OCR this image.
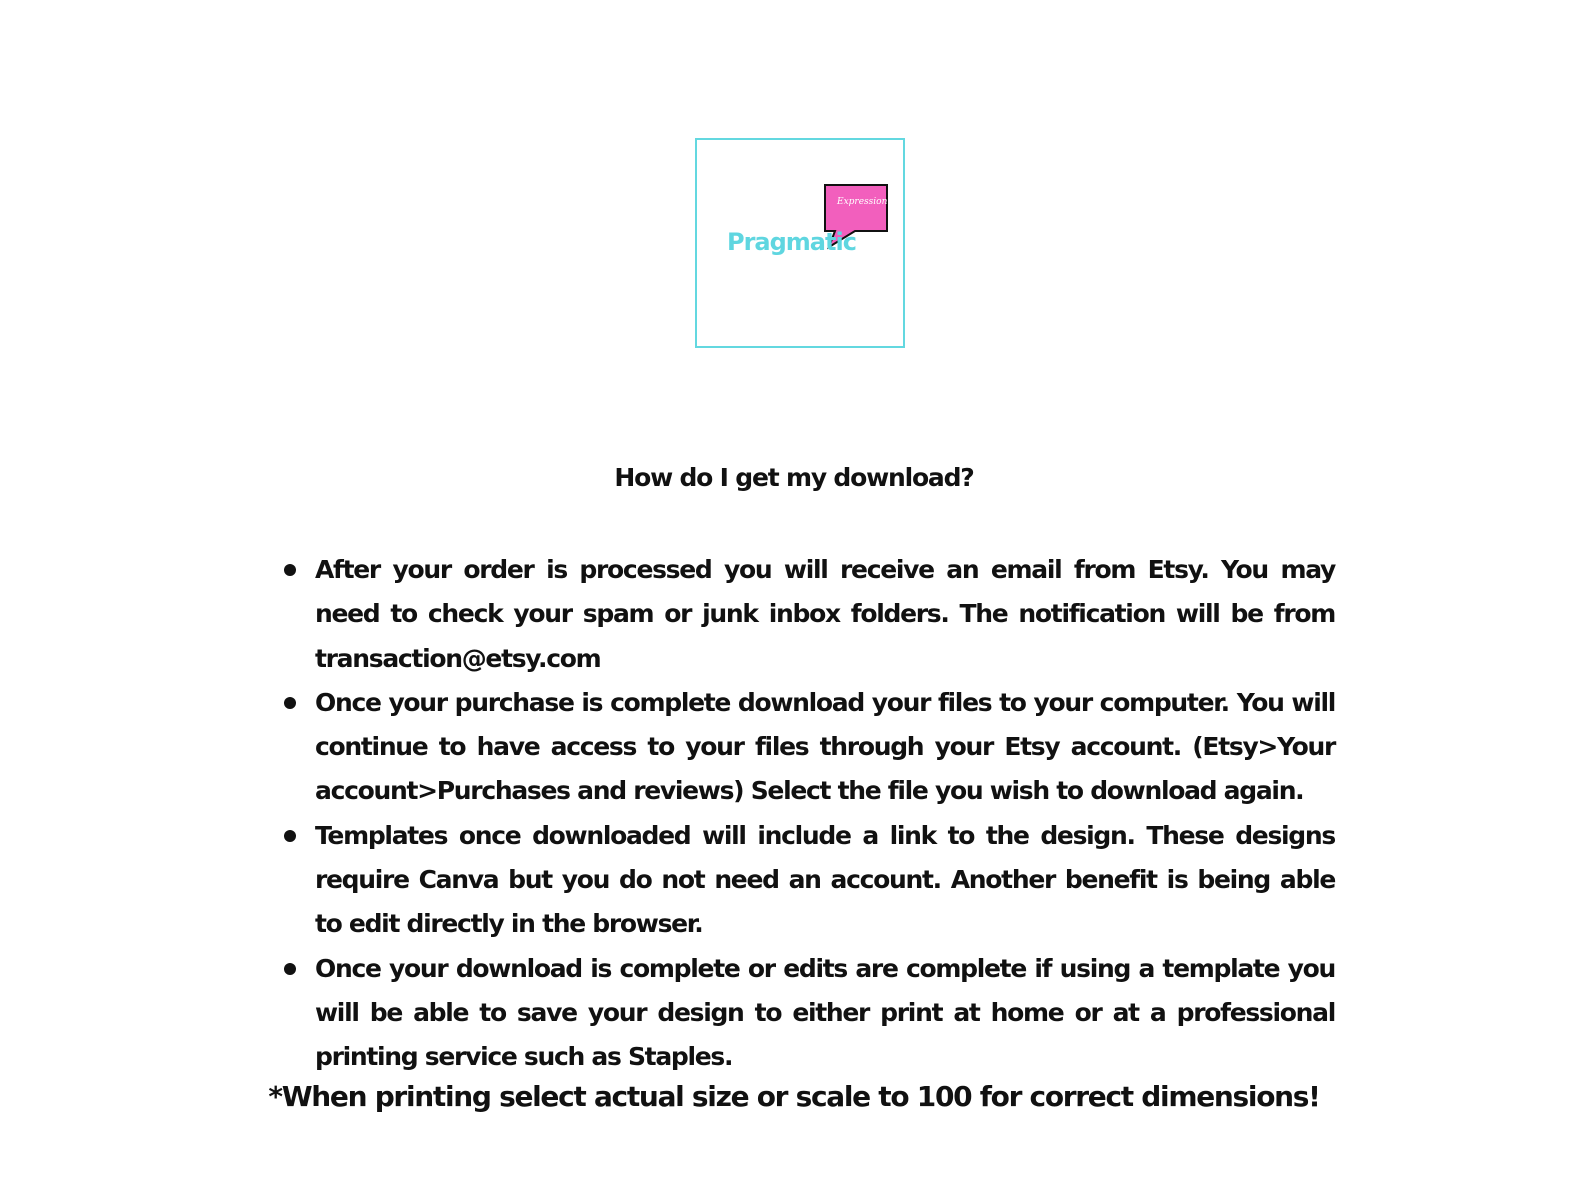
Expression
Pragmatic
How do I get my download?
After your order is processed you will receive an email from Etsy. You may need to check your spam or junk inbox folders. The notification will be from transaction@etsy.com
Once your purchase is complete download your files to your computer. You will continue to have access to your files through your Etsy account. (Etsy>Your account>Purchases and reviews) Select the file you wish to download again.
Templates once downloaded will include a link to the design. These designs require Canva but you do not need an account. Another benefit is being able to edit directly in the browser.
Once your download is complete or edits are complete if using a template you will be able to save your design to either print at home or at a professional printing service such as Staples.
*When printing select actual size or scale to 100 for correct dimensions!
